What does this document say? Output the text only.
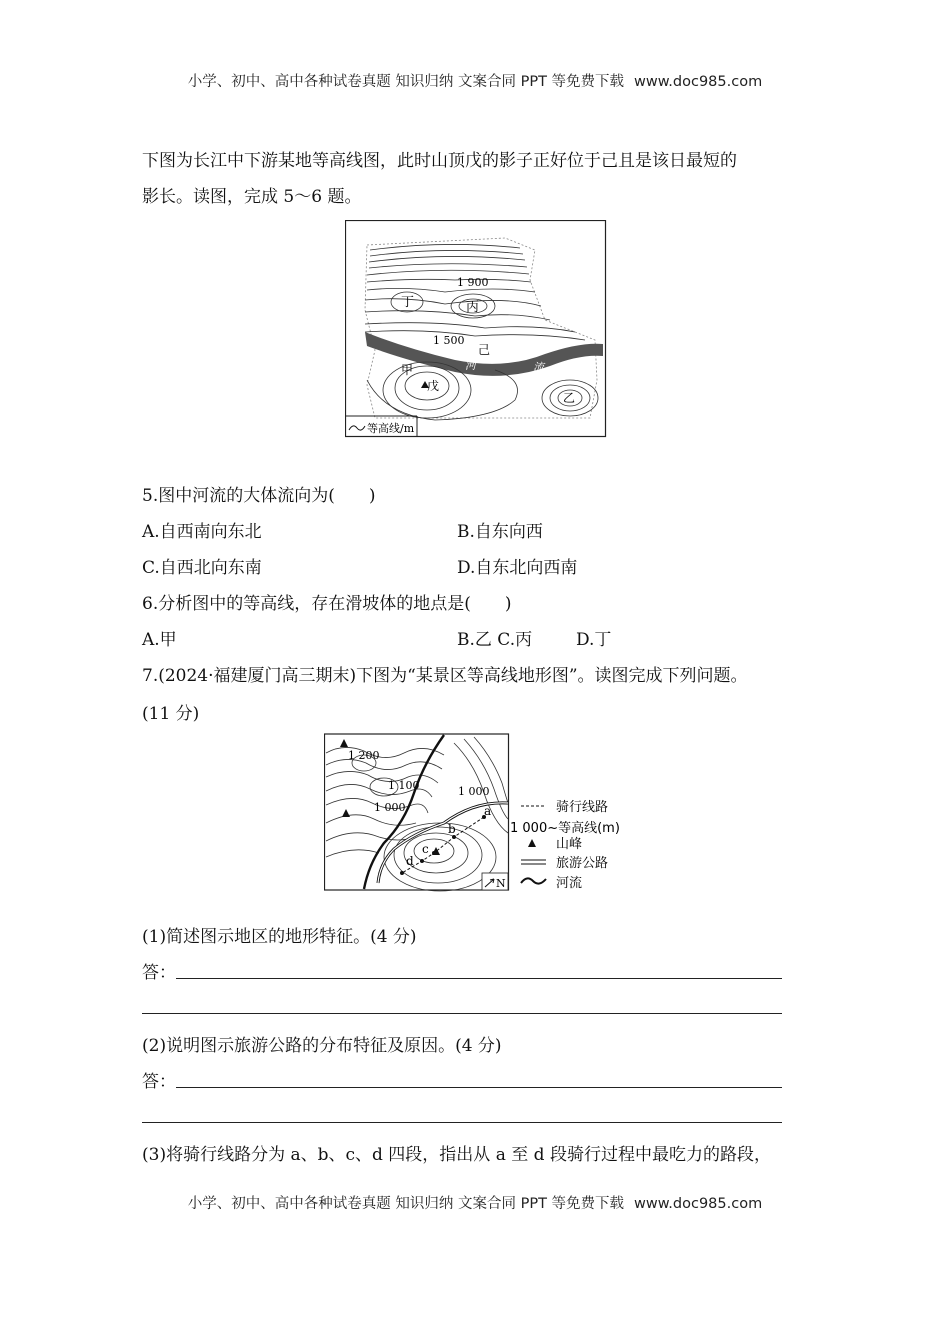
小学、初中、高中各种试卷真题 知识归纳 文案合同 PPT 等免费下载 www.doc985.com
下图为长江中下游某地等高线图，此时山顶戊的影子正好位于己且是该日最短的
影长。读图，完成 5～6 题。
1 900
丁	丙
1 500
己
河	流
甲
戊
乙
等高线/m
5.图中河流的大体流向为(　　)
A.自西南向东北	B.自东向西
C.自西北向东南	D.自东北向西南
6.分析图中的等高线，存在滑坡体的地点是(　　)
A.甲	B.乙 C.丙	D.丁
7.(2024·福建厦门高三期末)下图为“某景区等高线地形图”。读图完成下列问题。
(11 分)
1 200
1 100
1 000
1 000
a
b
c
d
N
骑行线路
1 000~等高线(m)
山峰
旅游公路
河流
(1)简述图示地区的地形特征。(4 分)
答：
(2)说明图示旅游公路的分布特征及原因。(4 分)
答：
(3)将骑行线路分为 a、b、c、d 四段，指出从 a 至 d 段骑行过程中最吃力的路段，
小学、初中、高中各种试卷真题 知识归纳 文案合同 PPT 等免费下载 www.doc985.com
